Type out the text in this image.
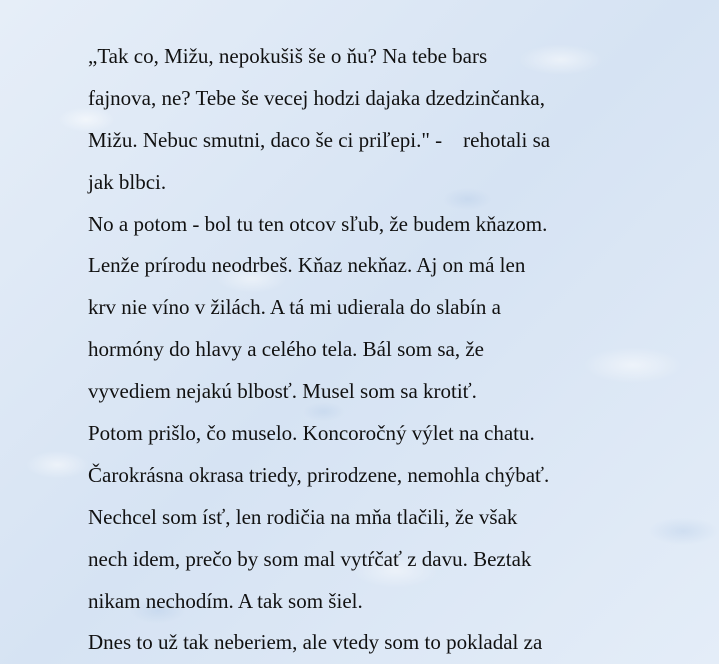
„Tak co, Mižu, nepokušiš še o ňu? Na tebe bars
fajnova, ne? Tebe še vecej hodzi dajaka dzedzinčanka,
Mižu. Nebuc smutni, daco še ci priľepi." -    rehotali sa
jak blbci.
No a potom - bol tu ten otcov sľub, že budem kňazom.
Lenže prírodu neodrbeš. Kňaz nekňaz. Aj on má len
krv nie víno v žilách. A tá mi udierala do slabín a
hormóny do hlavy a celého tela. Bál som sa, že
vyvediem nejakú blbosť. Musel som sa krotiť.
Potom prišlo, čo muselo. Koncoročný výlet na chatu.
Čarokrásna okrasa triedy, prirodzene, nemohla chýbať.
Nechcel som ísť, len rodičia na mňa tlačili, že však
nech idem, prečo by som mal vytŕčať z davu. Beztak
nikam nechodím. A tak som šiel.
Dnes to už tak neberiem, ale vtedy som to pokladal za
